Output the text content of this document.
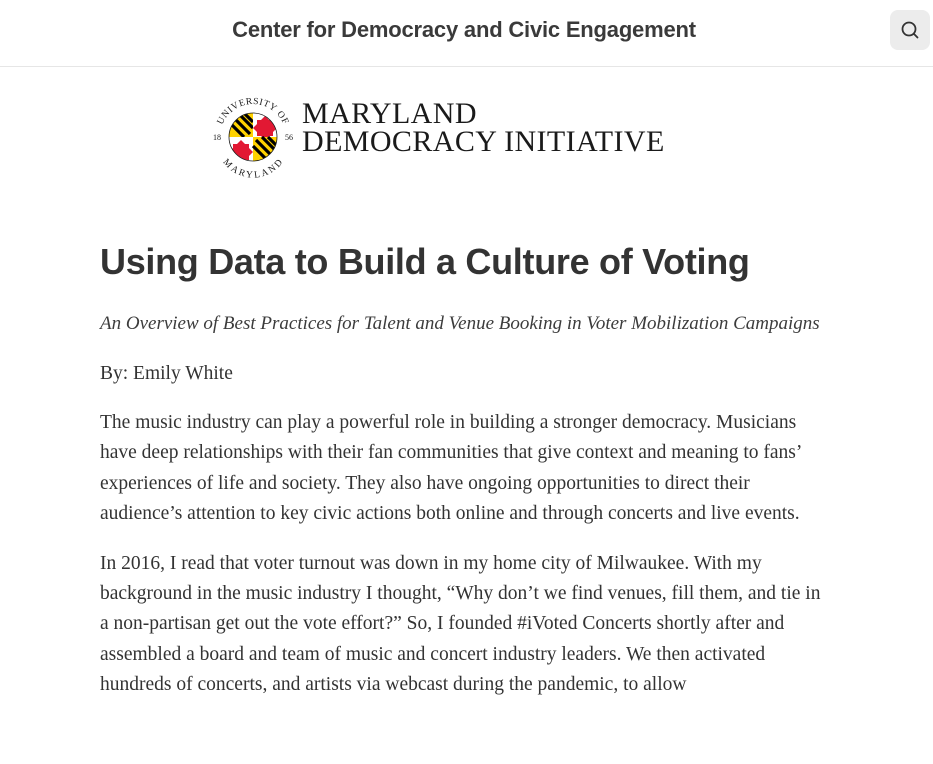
Center for Democracy and Civic Engagement
UNIVERSITY OF
MARYLAND
18	56
MARYLAND
DEMOCRACY INITIATIVE
Using Data to Build a Culture of Voting

An Overview of Best Practices for Talent and Venue Booking in Voter Mobilization Campaigns

By: Emily White

The music industry can play a powerful role in building a stronger democracy. Musicians have deep relationships with their fan communities that give context and meaning to fans’ experiences of life and society. They also have ongoing opportunities to direct their audience’s attention to key civic actions both online and through concerts and live events.

In 2016, I read that voter turnout was down in my home city of Milwaukee. With my background in the music industry I thought, “Why don’t we find venues, fill them, and tie in a non-partisan get out the vote effort?” So, I founded #iVoted Concerts shortly after and assembled a board and team of music and concert industry leaders. We then activated hundreds of concerts, and artists via webcast during the pandemic, to allow
